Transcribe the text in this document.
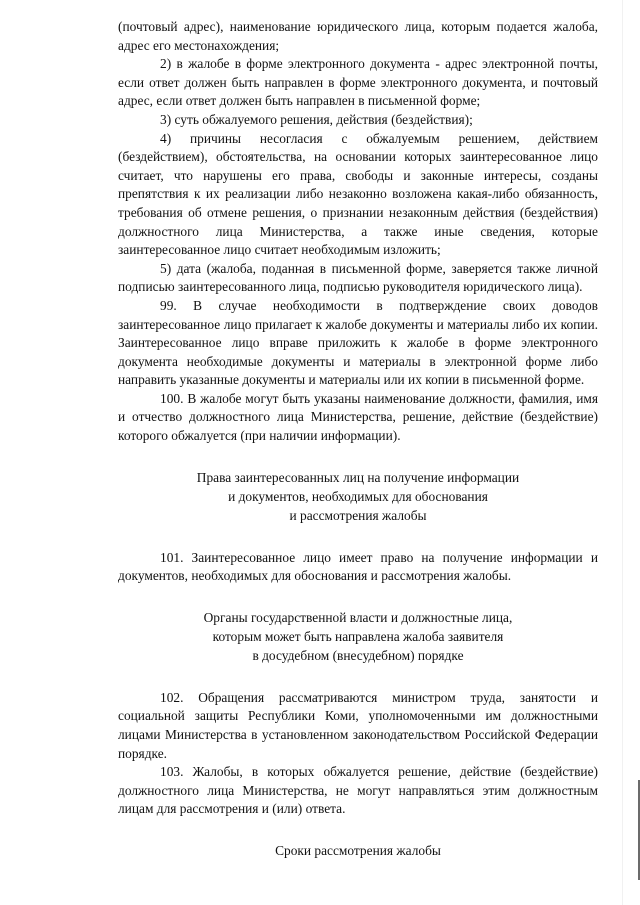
(почтовый адрес), наименование юридического лица, которым подается жалоба, адрес его местонахождения;

2) в жалобе в форме электронного документа - адрес электронной почты, если ответ должен быть направлен в форме электронного документа, и почтовый адрес, если ответ должен быть направлен в письменной форме;

3) суть обжалуемого решения, действия (бездействия);

4) причины несогласия с обжалуемым решением, действием (бездействием), обстоятельства, на основании которых заинтересованное лицо считает, что нарушены его права, свободы и законные интересы, созданы препятствия к их реализации либо незаконно возложена какая-либо обязанность, требования об отмене решения, о признании незаконным действия (бездействия) должностного лица Министерства, а также иные сведения, которые заинтересованное лицо считает необходимым изложить;

5) дата (жалоба, поданная в письменной форме, заверяется также личной подписью заинтересованного лица, подписью руководителя юридического лица).

99. В случае необходимости в подтверждение своих доводов заинтересованное лицо прилагает к жалобе документы и материалы либо их копии. Заинтересованное лицо вправе приложить к жалобе в форме электронного документа необходимые документы и материалы в электронной форме либо направить указанные документы и материалы или их копии в письменной форме.

100. В жалобе могут быть указаны наименование должности, фамилия, имя и отчество должностного лица Министерства, решение, действие (бездействие) которого обжалуется (при наличии информации).

Права заинтересованных лиц на получение информации
и документов, необходимых для обоснования
и рассмотрения жалобы

101. Заинтересованное лицо имеет право на получение информации и документов, необходимых для обоснования и рассмотрения жалобы.

Органы государственной власти и должностные лица,
которым может быть направлена жалоба заявителя
в досудебном (внесудебном) порядке

102. Обращения рассматриваются министром труда, занятости и социальной защиты Республики Коми, уполномоченными им должностными лицами Министерства в установленном законодательством Российской Федерации порядке.

103. Жалобы, в которых обжалуется решение, действие (бездействие) должностного лица Министерства, не могут направляться этим должностным лицам для рассмотрения и (или) ответа.

Сроки рассмотрения жалобы
